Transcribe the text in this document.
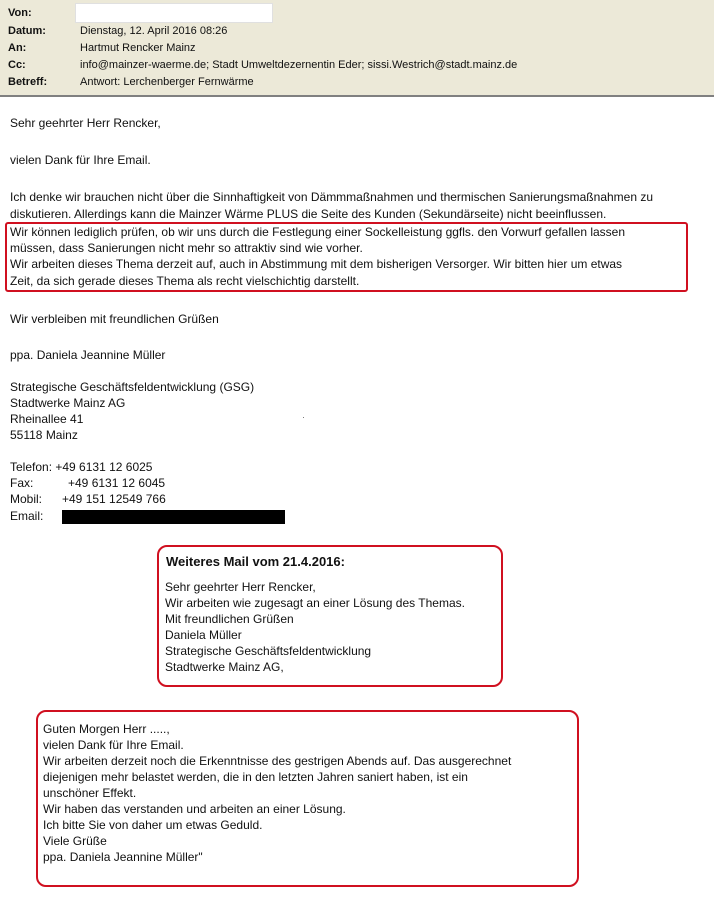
Von:
Datum:	Dienstag, 12. April 2016 08:26
An:	Hartmut Rencker Mainz
Cc:	info@mainzer-waerme.de; Stadt Umweltdezernentin Eder; sissi.Westrich@stadt.mainz.de
Betreff:	Antwort: Lerchenberger Fernwärme
Sehr geehrter Herr Rencker,
vielen Dank für Ihre Email.
Ich denke wir brauchen nicht über die Sinnhaftigkeit von Dämmmaßnahmen und thermischen Sanierungsmaßnahmen zu
diskutieren. Allerdings kann die Mainzer Wärme PLUS die Seite des Kunden (Sekundärseite) nicht beeinflussen.
Wir können lediglich prüfen, ob wir uns durch die Festlegung einer Sockelleistung ggfls. den Vorwurf gefallen lassen
müssen, dass Sanierungen nicht mehr so attraktiv sind wie vorher.
Wir arbeiten dieses Thema derzeit auf, auch in Abstimmung mit dem bisherigen Versorger. Wir bitten hier um etwas
Zeit, da sich gerade dieses Thema als recht vielschichtig darstellt.
Wir verbleiben mit freundlichen Grüßen
ppa. Daniela Jeannine Müller
Strategische Geschäftsfeldentwicklung (GSG)
Stadtwerke Mainz AG
Rheinallee 41
55118 Mainz
·
Telefon: +49 6131 12 6025
Fax:	+49 6131 12 6045
Mobil: +49 151 12549 766
Email:
Weiteres Mail vom 21.4.2016:
Sehr geehrter Herr Rencker,
Wir arbeiten wie zugesagt an einer Lösung des Themas.
Mit freundlichen Grüßen
Daniela Müller
Strategische Geschäftsfeldentwicklung
Stadtwerke Mainz AG,
Guten Morgen Herr .....,
vielen Dank für Ihre Email.
Wir arbeiten derzeit noch die Erkenntnisse des gestrigen Abends auf. Das ausgerechnet
diejenigen mehr belastet werden, die in den letzten Jahren saniert haben, ist ein
unschöner Effekt.
Wir haben das verstanden und arbeiten an einer Lösung.
Ich bitte Sie von daher um etwas Geduld.
Viele Grüße
ppa. Daniela Jeannine Müller"
